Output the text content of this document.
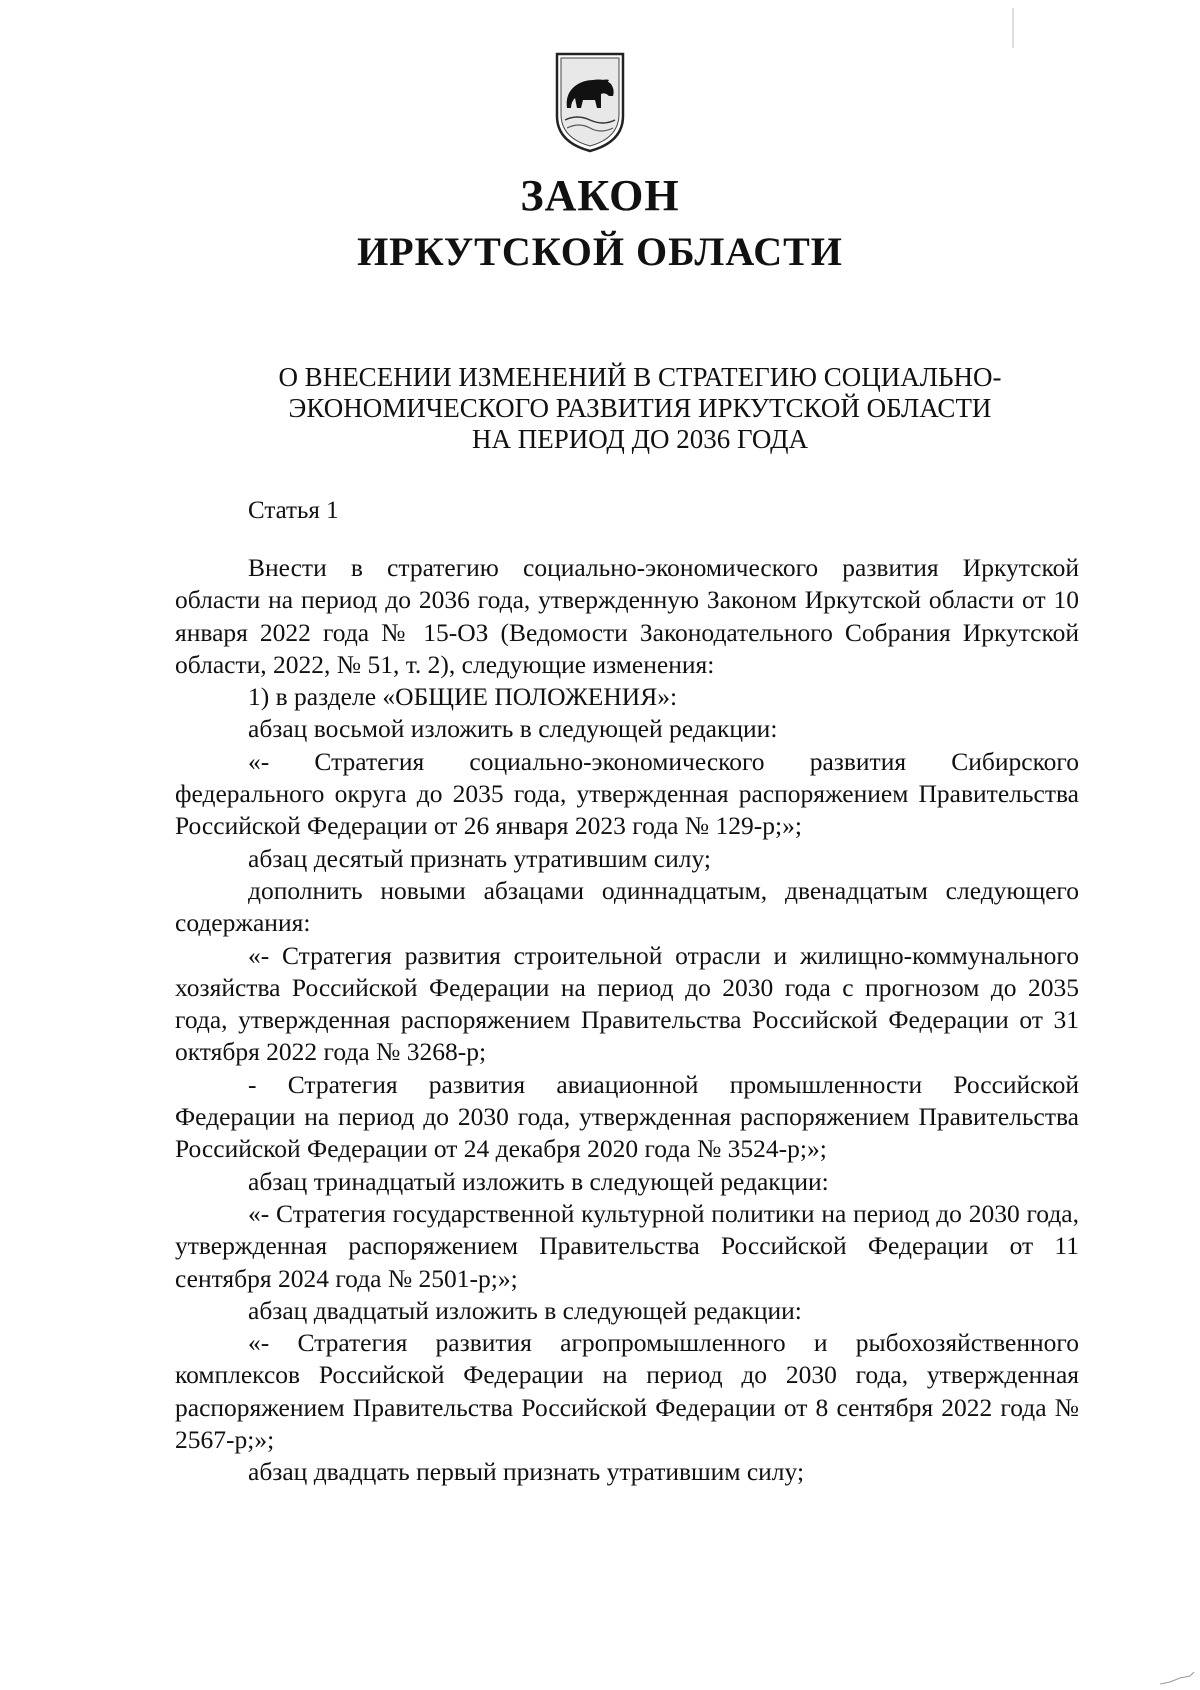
ЗАКОН
ИРКУТСКОЙ ОБЛАСТИ
О ВНЕСЕНИИ ИЗМЕНЕНИЙ В СТРАТЕГИЮ СОЦИАЛЬНО-
ЭКОНОМИЧЕСКОГО РАЗВИТИЯ ИРКУТСКОЙ ОБЛАСТИ
НА ПЕРИОД ДО 2036 ГОДА
Статья 1

Внести в стратегию социально-экономического развития Иркутской области на период до 2036 года, утвержденную Законом Иркутской области от 10 января 2022 года № 15-ОЗ (Ведомости Законодательного Собрания Иркутской области, 2022, № 51, т. 2), следующие изменения:

1) в разделе «ОБЩИЕ ПОЛОЖЕНИЯ»:

абзац восьмой изложить в следующей редакции:

«- Стратегия социально-экономического развития Сибирского федерального округа до 2035 года, утвержденная распоряжением Правительства Российской Федерации от 26 января 2023 года № 129-р;»;

абзац десятый признать утратившим силу;

дополнить новыми абзацами одиннадцатым, двенадцатым следующего содержания:

«- Стратегия развития строительной отрасли и жилищно-коммунального хозяйства Российской Федерации на период до 2030 года с прогнозом до 2035 года, утвержденная распоряжением Правительства Российской Федерации от 31 октября 2022 года № 3268-р;

- Стратегия развития авиационной промышленности Российской Федерации на период до 2030 года, утвержденная распоряжением Правительства Российской Федерации от 24 декабря 2020 года № 3524-р;»;

абзац тринадцатый изложить в следующей редакции:

«- Стратегия государственной культурной политики на период до 2030 года, утвержденная распоряжением Правительства Российской Федерации от 11 сентября 2024 года № 2501-р;»;

абзац двадцатый изложить в следующей редакции:

«- Стратегия развития агропромышленного и рыбохозяйственного комплексов Российской Федерации на период до 2030 года, утвержденная распоряжением Правительства Российской Федерации от 8 сентября 2022 года № 2567-р;»;

абзац двадцать первый признать утратившим силу;
